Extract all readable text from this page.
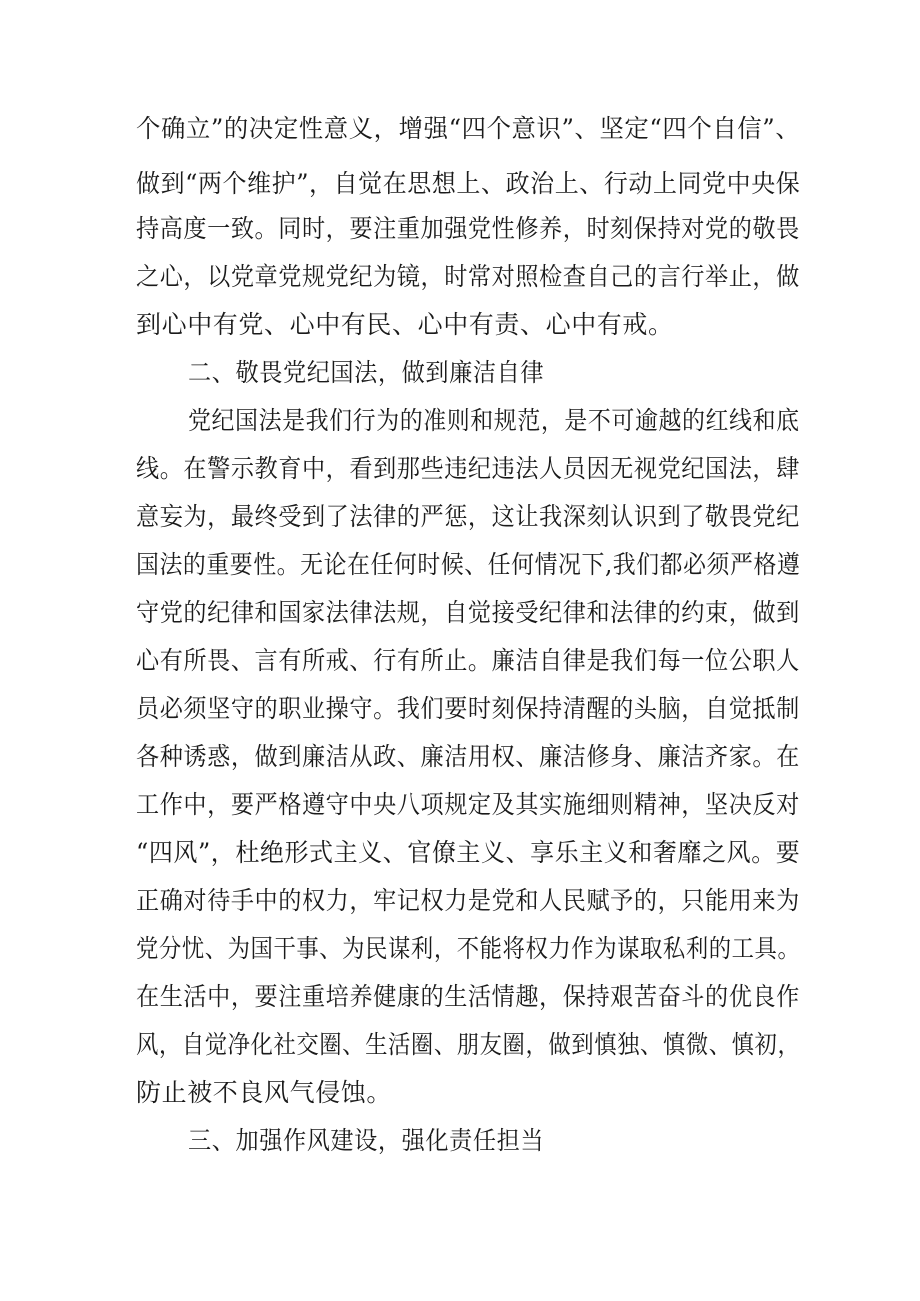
个确立”的决定性意义，增强“四个意识”、坚定“四个自信”、
做到“两个维护”，自觉在思想上、政治上、行动上同党中央保
持高度一致。同时，要注重加强党性修养，时刻保持对党的敬畏
之心，以党章党规党纪为镜，时常对照检查自己的言行举止，做
到心中有党、心中有民、心中有责、心中有戒。
二、敬畏党纪国法，做到廉洁自律
党纪国法是我们行为的准则和规范，是不可逾越的红线和底
线。在警示教育中，看到那些违纪违法人员因无视党纪国法，肆
意妄为，最终受到了法律的严惩，这让我深刻认识到了敬畏党纪
国法的重要性。无论在任何时候、任何情况下,我们都必须严格遵
守党的纪律和国家法律法规，自觉接受纪律和法律的约束，做到
心有所畏、言有所戒、行有所止。廉洁自律是我们每一位公职人
员必须坚守的职业操守。我们要时刻保持清醒的头脑，自觉抵制
各种诱惑，做到廉洁从政、廉洁用权、廉洁修身、廉洁齐家。在
工作中，要严格遵守中央八项规定及其实施细则精神，坚决反对
“四风”，杜绝形式主义、官僚主义、享乐主义和奢靡之风。要
正确对待手中的权力，牢记权力是党和人民赋予的，只能用来为
党分忧、为国干事、为民谋利，不能将权力作为谋取私利的工具。
在生活中，要注重培养健康的生活情趣，保持艰苦奋斗的优良作
风，自觉净化社交圈、生活圈、朋友圈，做到慎独、慎微、慎初，
防止被不良风气侵蚀。
三、加强作风建设，强化责任担当
